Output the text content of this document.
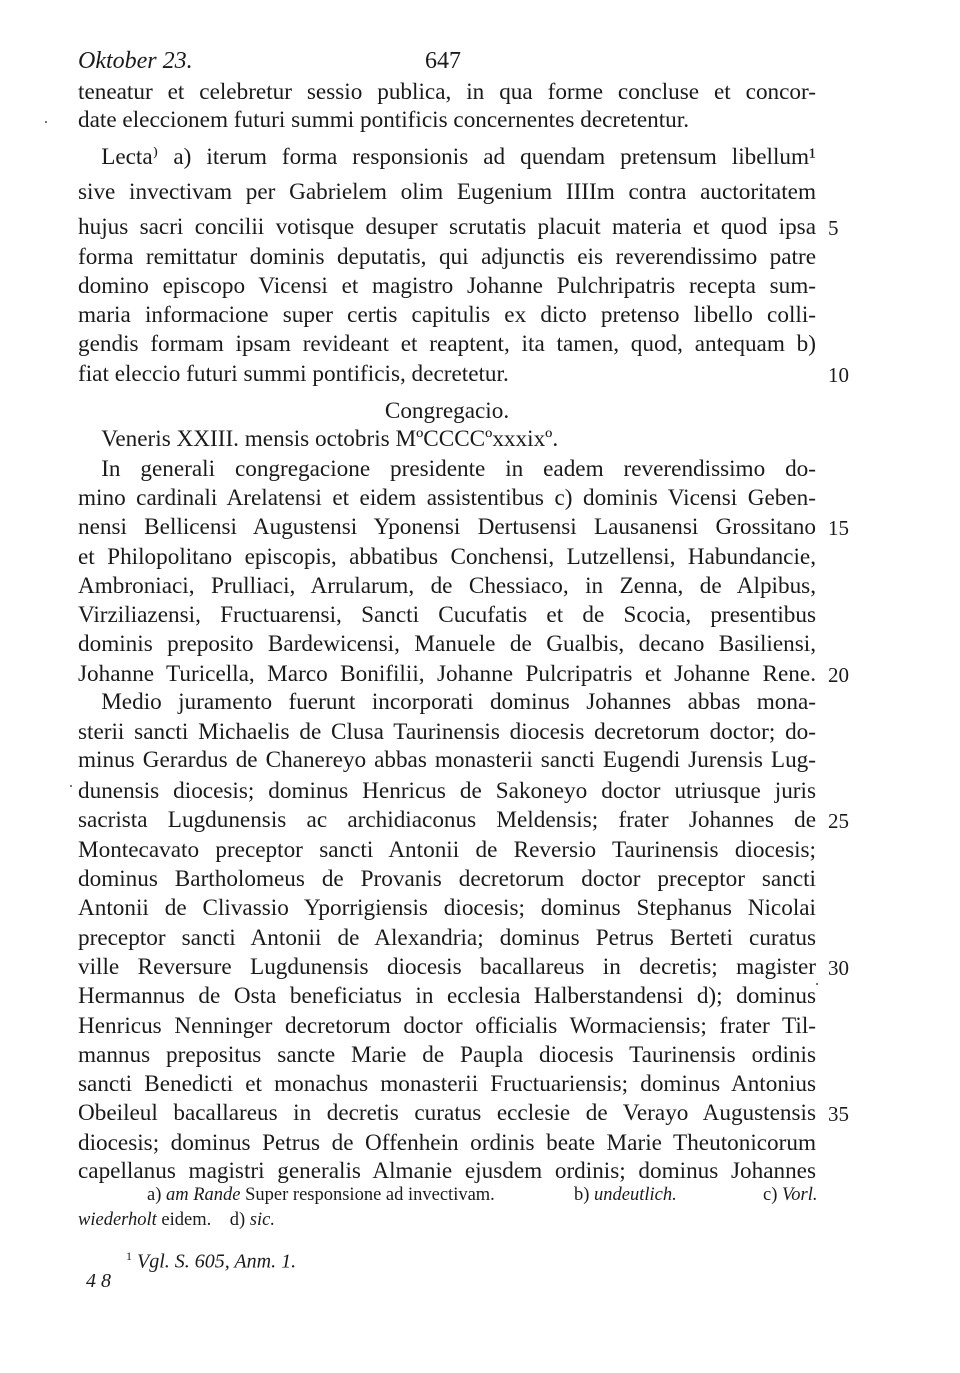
Oktober 23.	647
teneatur et celebretur sessio publica, in qua forme concluse et concor-
date eleccionem futuri summi pontificis concernentes decretentur.
 Lecta⁾ a) iterum forma responsionis ad quendam pretensum libellum¹
sive invectivam per Gabrielem olim Eugenium IIIIm contra auctoritatem
hujus sacri concilii votisque desuper scrutatis placuit materia et quod ipsa 5
forma remittatur dominis deputatis, qui adjunctis eis reverendissimo patre
domino episcopo Vicensi et magistro Johanne Pulchripatris recepta sum-
maria informacione super certis capitulis ex dicto pretenso libello colli-
gendis formam ipsam revideant et reaptent, ita tamen, quod, antequam b)
fiat eleccio futuri summi pontificis, decretetur.	10
Congregacio.
 Veneris XXIII. mensis octobris MºCCCCºxxxixº.
 In generali congregacione presidente in eadem reverendissimo do-
mino cardinali Arelatensi et eidem assistentibus c) dominis Vicensi Geben-
nensi Bellicensi Augustensi Yponensi Dertusensi Lausanensi Grossitano 15
et Philopolitano episcopis, abbatibus Conchensi, Lutzellensi, Habundancie,
Ambroniaci, Prulliaci, Arrularum, de Chessiaco, in Zenna, de Alpibus,
Virziliazensi, Fructuarensi, Sancti Cucufatis et de Scocia, presentibus
dominis preposito Bardewicensi, Manuele de Gualbis, decano Basiliensi,
Johanne Turicella, Marco Bonifilii, Johanne Pulcripatris et Johanne Rene. 20
 Medio juramento fuerunt incorporati dominus Johannes abbas mona-
sterii sancti Michaelis de Clusa Taurinensis diocesis decretorum doctor; do-
minus Gerardus de Chanereyo abbas monasterii sancti Eugendi Jurensis Lug-
dunensis diocesis; dominus Henricus de Sakoneyo doctor utriusque juris
sacrista Lugdunensis ac archidiaconus Meldensis; frater Johannes de 25
Montecavato preceptor sancti Antonii de Reversio Taurinensis diocesis;
dominus Bartholomeus de Provanis decretorum doctor preceptor sancti
Antonii de Clivassio Yporrigiensis diocesis; dominus Stephanus Nicolai
preceptor sancti Antonii de Alexandria; dominus Petrus Berteti curatus
ville Reversure Lugdunensis diocesis bacallareus in decretis; magister 30
Hermannus de Osta beneficiatus in ecclesia Halberstandensi d); dominus
Henricus Nenninger decretorum doctor officialis Wormaciensis; frater Til-
mannus prepositus sancte Marie de Paupla diocesis Taurinensis ordinis
sancti Benedicti et monachus monasterii Fructuariensis; dominus Antonius
Obeileul bacallareus in decretis curatus ecclesie de Verayo Augustensis 35
diocesis; dominus Petrus de Offenhein ordinis beate Marie Theutonicorum
capellanus magistri generalis Almanie ejusdem ordinis; dominus Johannes
a) am Rande Super responsione ad invectivam.	b) undeutlich.	c) Vorl.
wiederholt eidem. d) sic.
$^1$ Vgl. S. 605, Anm. 1.
4 8
